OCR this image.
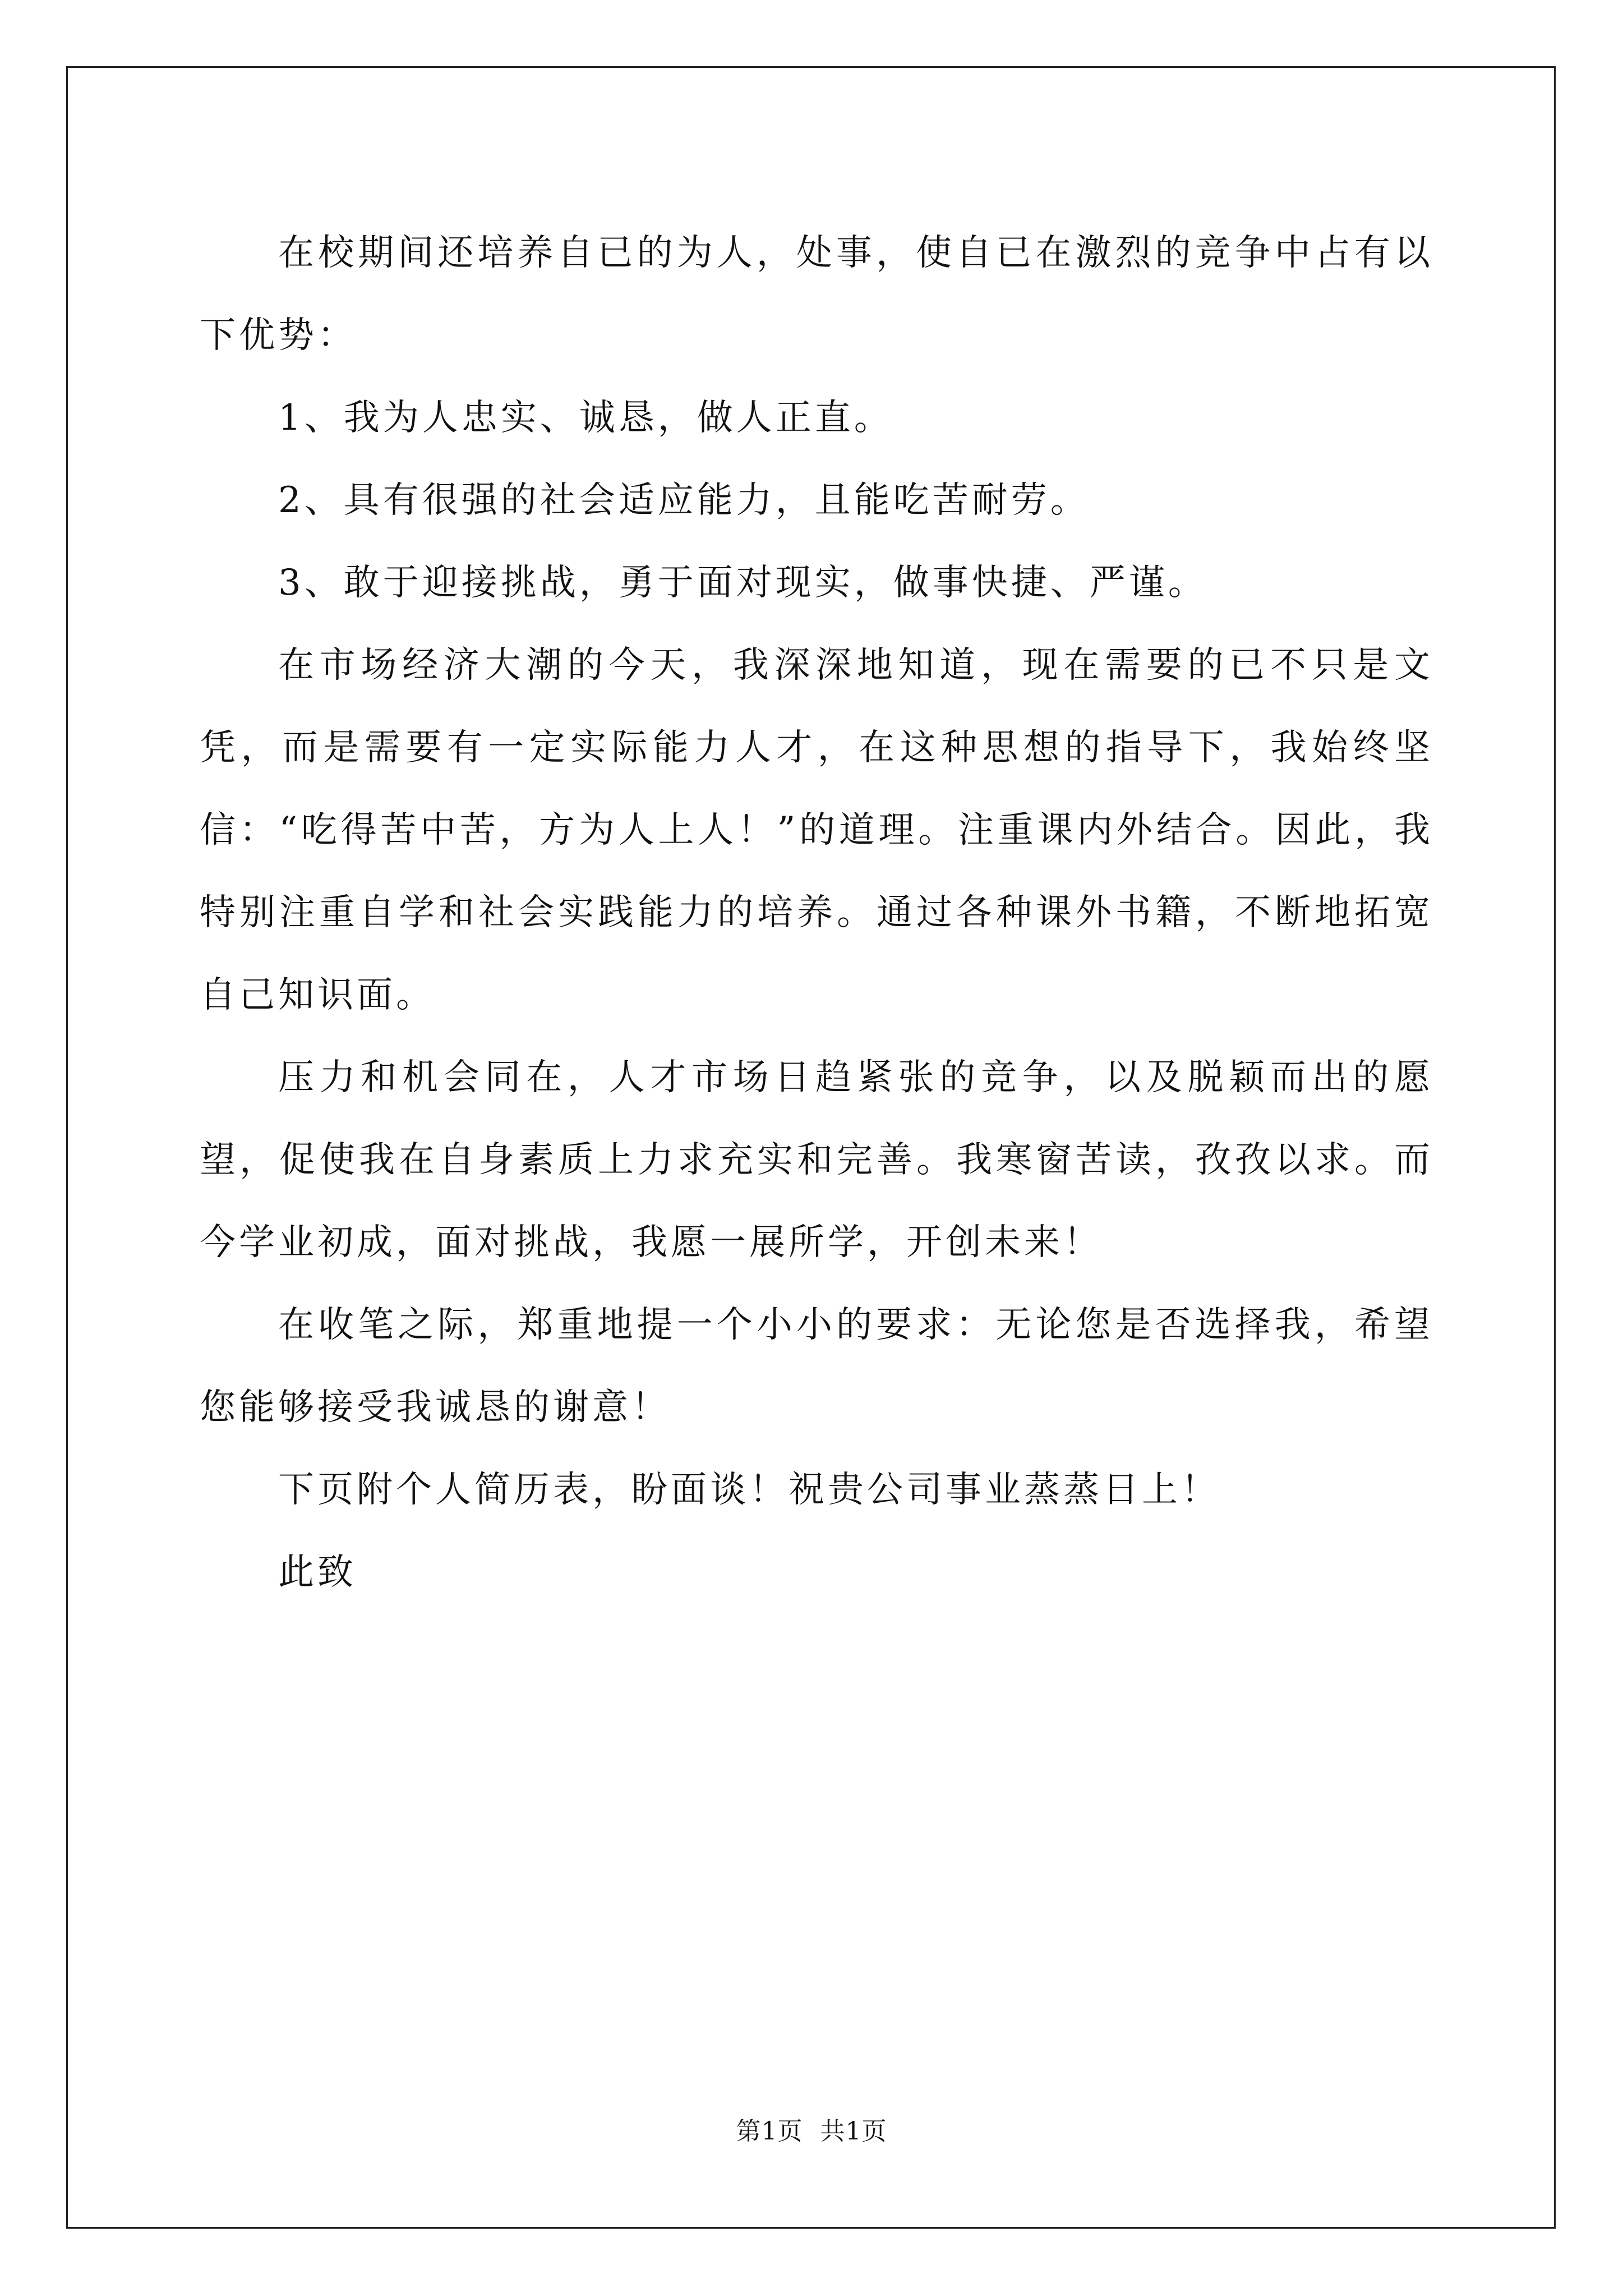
在校期间还培养自已的为人，处事，使自已在激烈的竞争中占有以下优势：

1、我为人忠实、诚恳，做人正直。

2、具有很强的社会适应能力，且能吃苦耐劳。

3、敢于迎接挑战，勇于面对现实，做事快捷、严谨。

在市场经济大潮的今天，我深深地知道，现在需要的已不只是文凭，而是需要有一定实际能力人才，在这种思想的指导下，我始终坚信：“吃得苦中苦，方为人上人！”的道理。注重课内外结合。因此，我特别注重自学和社会实践能力的培养。通过各种课外书籍，不断地拓宽自己知识面。

压力和机会同在，人才市场日趋紧张的竞争，以及脱颖而出的愿望，促使我在自身素质上力求充实和完善。我寒窗苦读，孜孜以求。而今学业初成，面对挑战，我愿一展所学，开创未来！

在收笔之际，郑重地提一个小小的要求：无论您是否选择我，希望您能够接受我诚恳的谢意！

下页附个人简历表，盼面谈！祝贵公司事业蒸蒸日上！

此致

第1页 共1页
